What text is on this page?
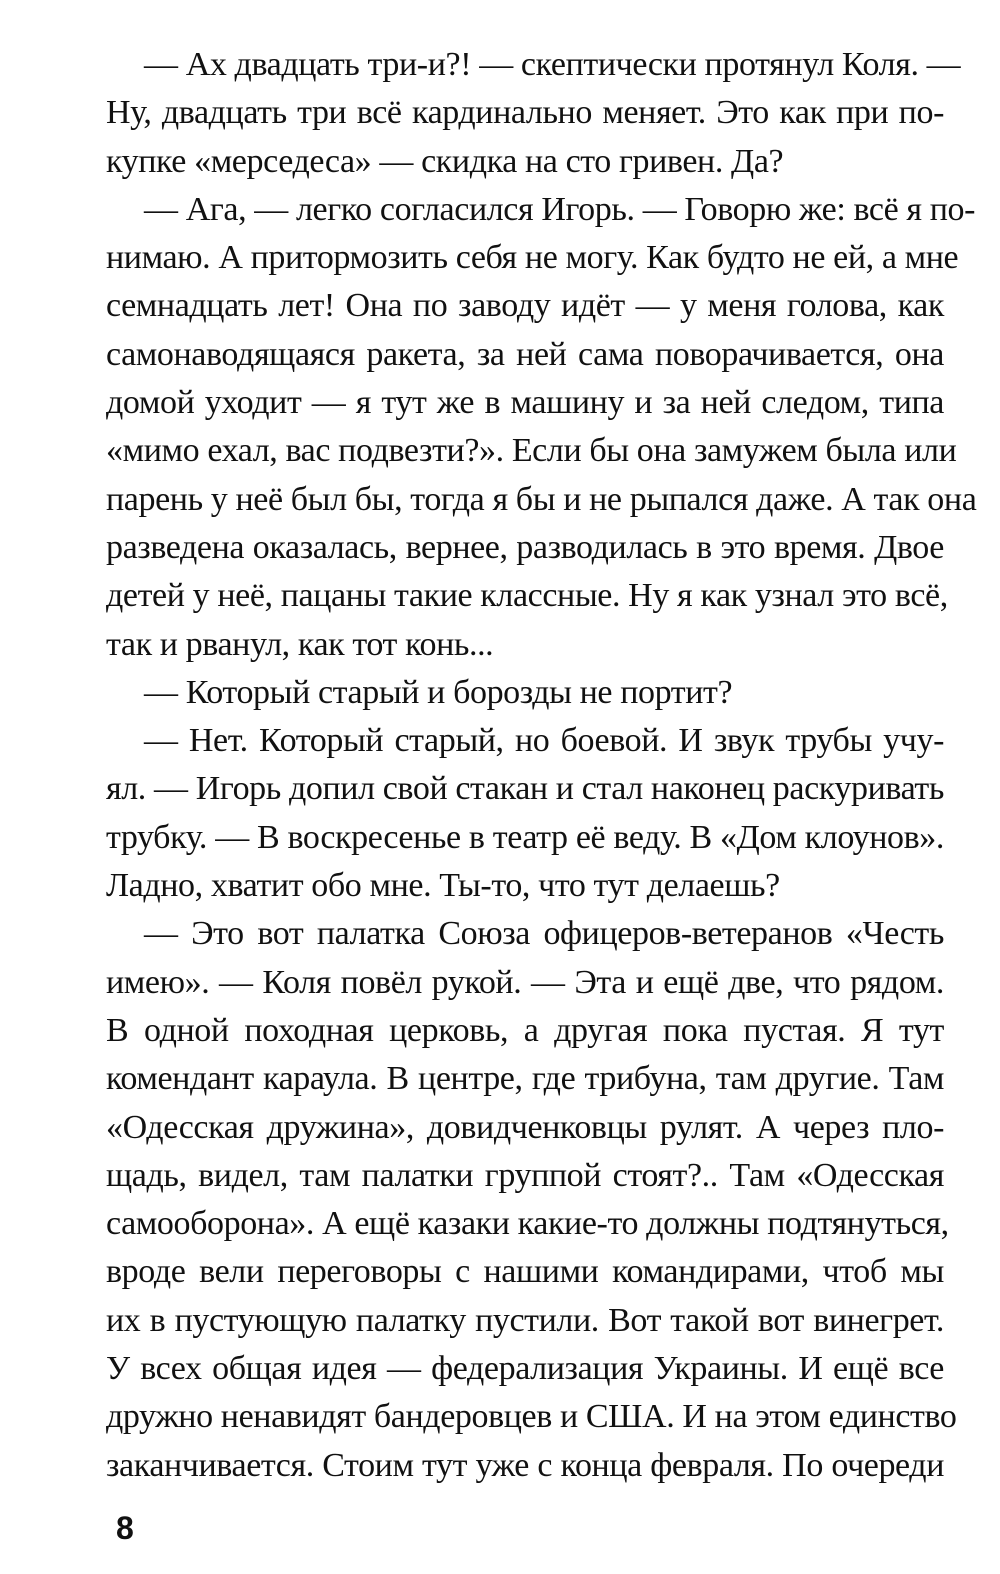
— Ах двадцать три-и?! — скептически протянул Коля. —
Ну, двадцать три всё кардинально меняет. Это как при по-
купке «мерседеса» — скидка на сто гривен. Да?
— Ага, — легко согласился Игорь. — Говорю же: всё я по-
нимаю. А притормозить себя не могу. Как будто не ей, а мне
семнадцать лет! Она по заводу идёт — у меня голова, как
самонаводящаяся ракета, за ней сама поворачивается, она
домой уходит — я тут же в машину и за ней следом, типа
«мимо ехал, вас подвезти?». Если бы она замужем была или
парень у неё был бы, тогда я бы и не рыпался даже. А так она
разведена оказалась, вернее, разводилась в это время. Двое
детей у неё, пацаны такие классные. Ну я как узнал это всё,
так и рванул, как тот конь...
— Который старый и борозды не портит?
— Нет. Который старый, но боевой. И звук трубы учу-
ял. — Игорь допил свой стакан и стал наконец раскуривать
трубку. — В воскресенье в театр её веду. В «Дом клоунов».
Ладно, хватит обо мне. Ты-то, что тут делаешь?
— Это вот палатка Союза офицеров-ветеранов «Честь
имею». — Коля повёл рукой. — Эта и ещё две, что рядом.
В одной походная церковь, а другая пока пустая. Я тут
комендант караула. В центре, где трибуна, там другие. Там
«Одесская дружина», довидченковцы рулят. А через пло-
щадь, видел, там палатки группой стоят?.. Там «Одесская
самооборона». А ещё казаки какие-то должны подтянуться,
вроде вели переговоры с нашими командирами, чтоб мы
их в пустующую палатку пустили. Вот такой вот винегрет.
У всех общая идея — федерализация Украины. И ещё все
дружно ненавидят бандеровцев и США. И на этом единство
заканчивается. Стоим тут уже с конца февраля. По очереди
8
